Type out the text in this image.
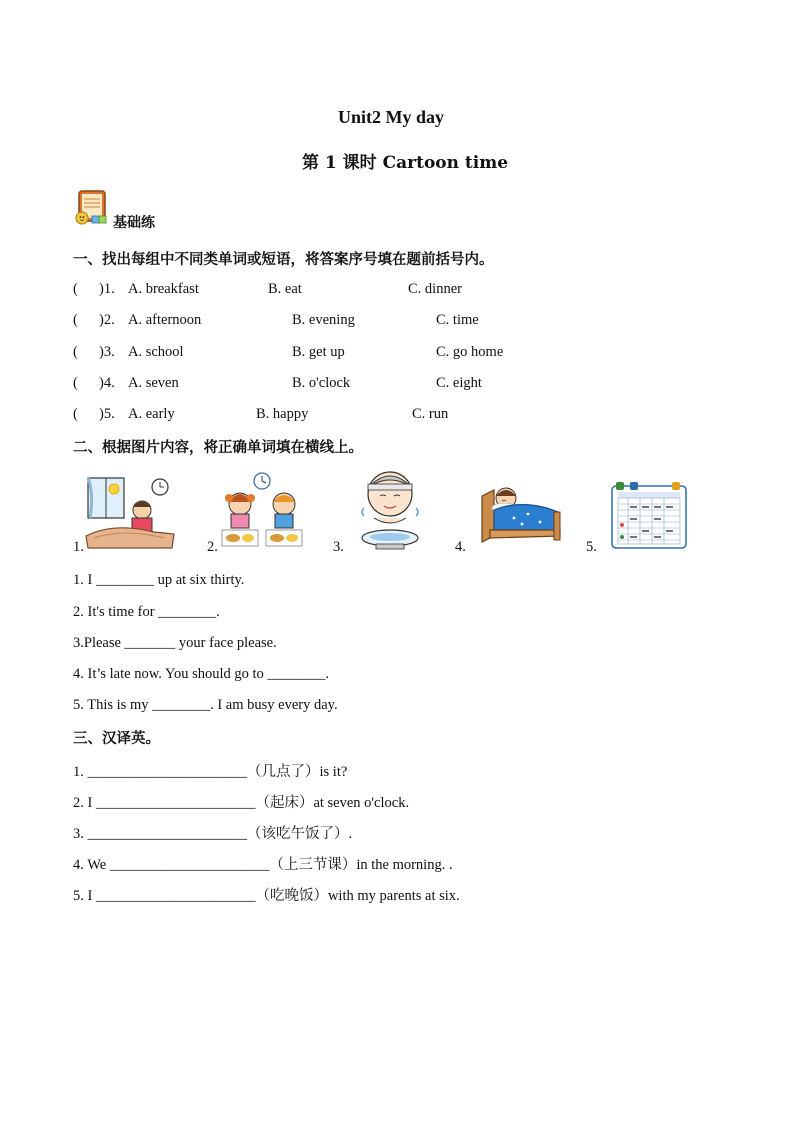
Unit2 My day
第 1 课时 Cartoon time
基础练
一、找出每组中不同类单词或短语，将答案序号填在题前括号内。
( )1. A. breakfast	B. eat	C. dinner
( )2. A. afternoon	B. evening	C. time
( )3. A. school	B. get up	C. go home
( )4. A. seven	B. o'clock	C. eight
( )5. A. early	B. happy	C. run
二、根据图片内容，将正确单词填在横线上。
1.	2.	3.	4.	5.
1. I ________ up at six thirty.
2. It's time for ________.
3.Please _______ your face please.
4. It’s late now. You should go to ________.
5. This is my ________. I am busy every day.
三、汉译英。
1. ______________________（几点了）is it?
2. I ______________________（起床）at seven o'clock.
3. ______________________（该吃午饭了）.
4. We ______________________（上三节课）in the morning. .
5. I ______________________（吃晚饭）with my parents at six.
